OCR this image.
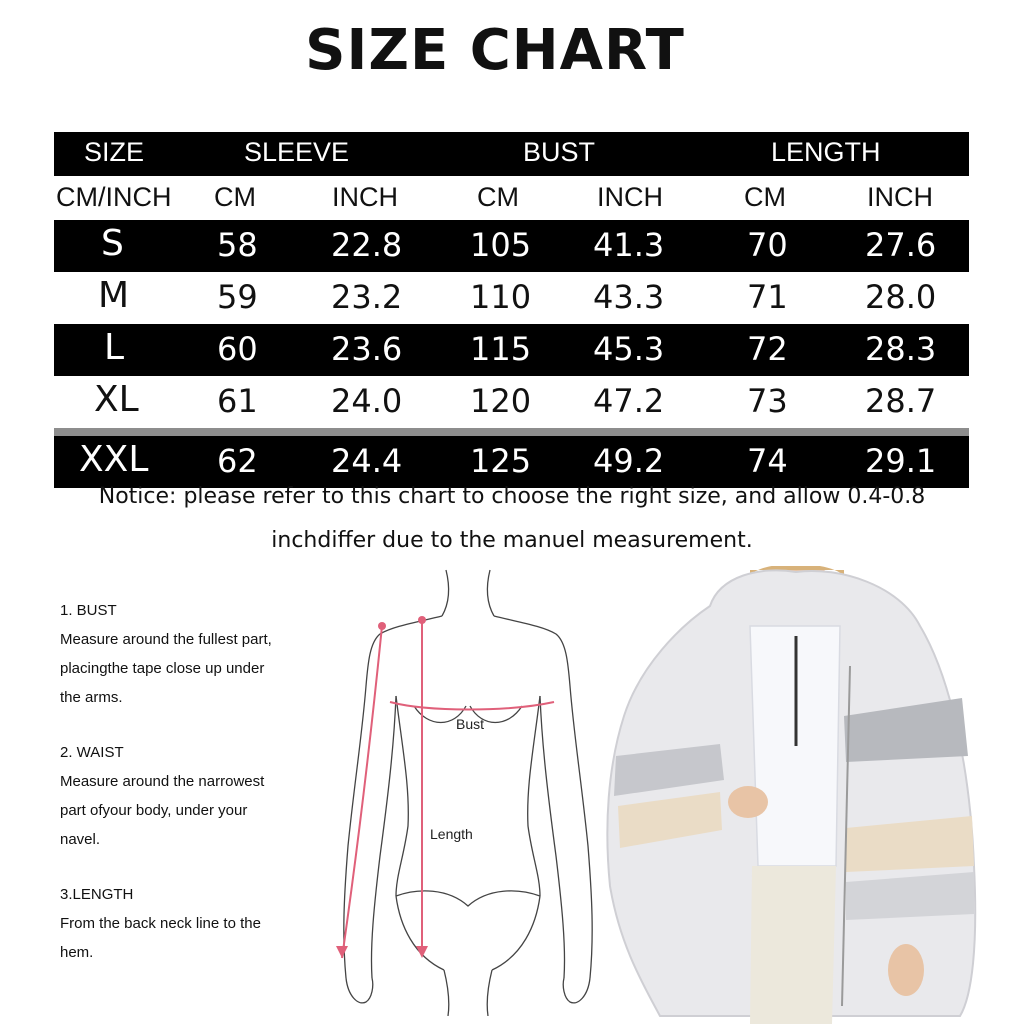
SIZE CHART
SIZE	SLEEVE	BUST	LENGTH
CM/INCH CM	INCH	CM	INCH	CM	INCH
S	58 22.8 105 41.3	70 27.6
M	59 23.2 110 43.3	71 28.0
L	60 23.6 115 45.3	72 28.3
XL 61 24.0 120 47.2	73 28.7
XXL 62 24.4 125 49.2	74 29.1
Notice: please refer to this chart to choose the right size, and allow 0.4-0.8
inchdiffer due to the manuel measurement.
1. BUST
Measure around the fullest part,
placingthe tape close up under
the arms.
2. WAIST
Measure around the narrowest
part ofyour body, under your
navel.
3.LENGTH
From the back neck line to the
hem.
Bust
Length
